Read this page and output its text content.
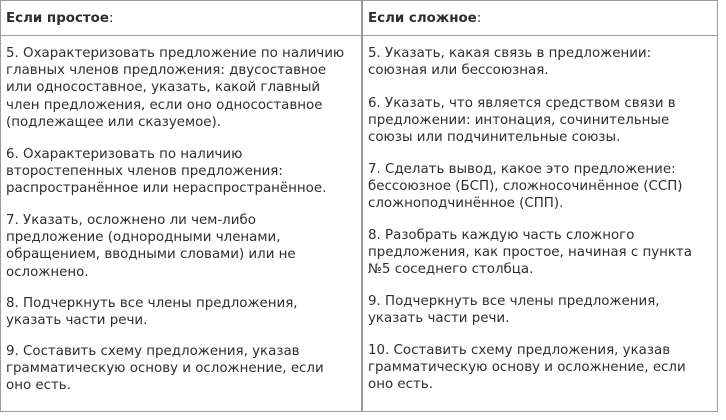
Если простое:
5. Охарактеризовать предложение по наличию
главных членов предложения: двусоставное
или односоставное, указать, какой главный
член предложения, если оно односоставное
(подлежащее или сказуемое).
6. Охарактеризовать по наличию
второстепенных членов предложения:
распространённое или нераспространённое.
7. Указать, осложнено ли чем-либо
предложение (однородными членами,
обращением, вводными словами) или не
осложнено.
8. Подчеркнуть все члены предложения,
указать части речи.
9. Составить схему предложения, указав
грамматическую основу и осложнение, если
оно есть.
Если сложное:
5. Указать, какая связь в предложении:
союзная или бессоюзная.
6. Указать, что является средством связи в
предложении: интонация, сочинительные
союзы или подчинительные союзы.
7. Сделать вывод, какое это предложение:
бессоюзное (БСП), сложносочинённое (ССП)
сложноподчинённое (СПП).
8. Разобрать каждую часть сложного
предложения, как простое, начиная с пункта
№5 соседнего столбца.
9. Подчеркнуть все члены предложения,
указать части речи.
10. Составить схему предложения, указав
грамматическую основу и осложнение, если
оно есть.
